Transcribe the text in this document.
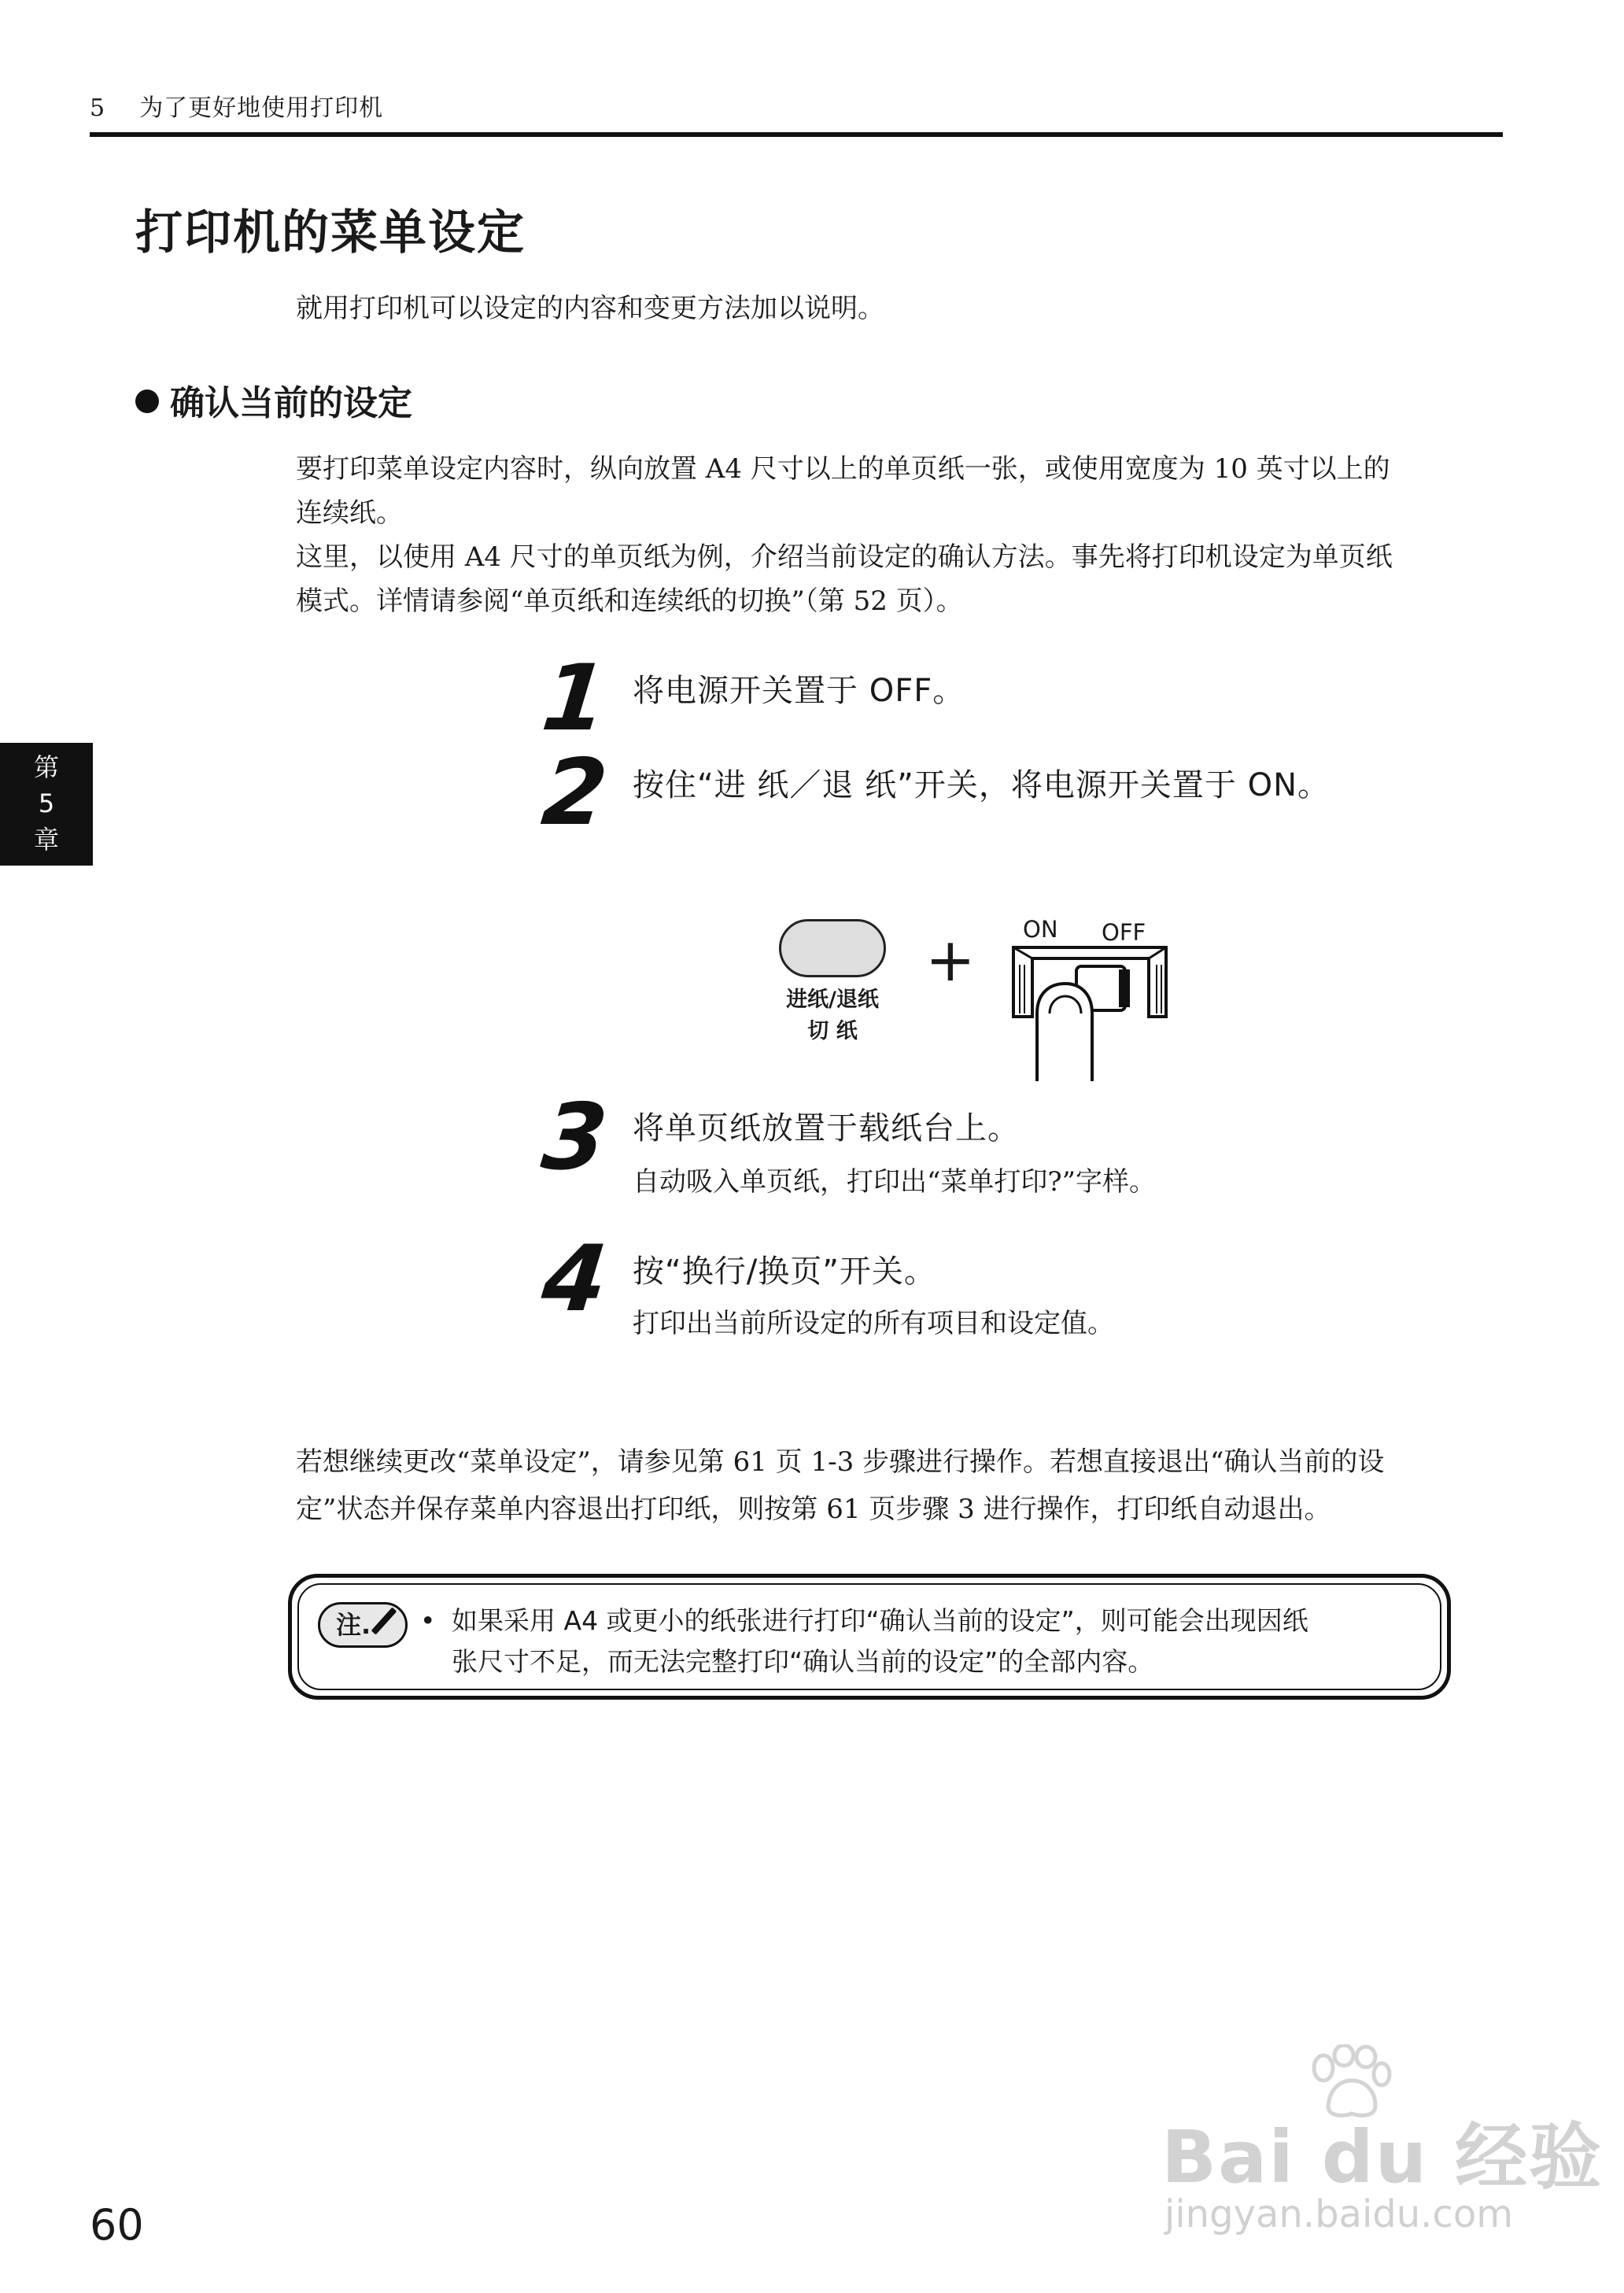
5 为了更好地使用打印机
打印机的菜单设定
就用打印机可以设定的内容和变更方法加以说明。
确认当前的设定
要打印菜单设定内容时，纵向放置 A4 尺寸以上的单页纸一张，或使用宽度为 10 英寸以上的
连续纸。
这里，以使用 A4 尺寸的单页纸为例，介绍当前设定的确认方法。事先将打印机设定为单页纸
模式。详情请参阅“单页纸和连续纸的切换”（第 52 页）。
第
5
章
1 将电源开关置于 OFF。
2 按住“进 纸／退 纸”开关，将电源开关置于 ON。
进纸/退纸
切 纸
+ ON OFF
3 将单页纸放置于载纸台上。
自动吸入单页纸，打印出“菜单打印?”字样。
4 按“换行/换页”开关。
打印出当前所设定的所有项目和设定值。
若想继续更改“菜单设定”，请参见第 61 页 1-3 步骤进行操作。若想直接退出“确认当前的设
定”状态并保存菜单内容退出打印纸，则按第 61 页步骤 3 进行操作，打印纸自动退出。
注.	• 如果采用 A4 或更小的纸张进行打印“确认当前的设定”，则可能会出现因纸
张尺寸不足，而无法完整打印“确认当前的设定”的全部内容。
Bai du 经验
jingyan.baidu.com
60
